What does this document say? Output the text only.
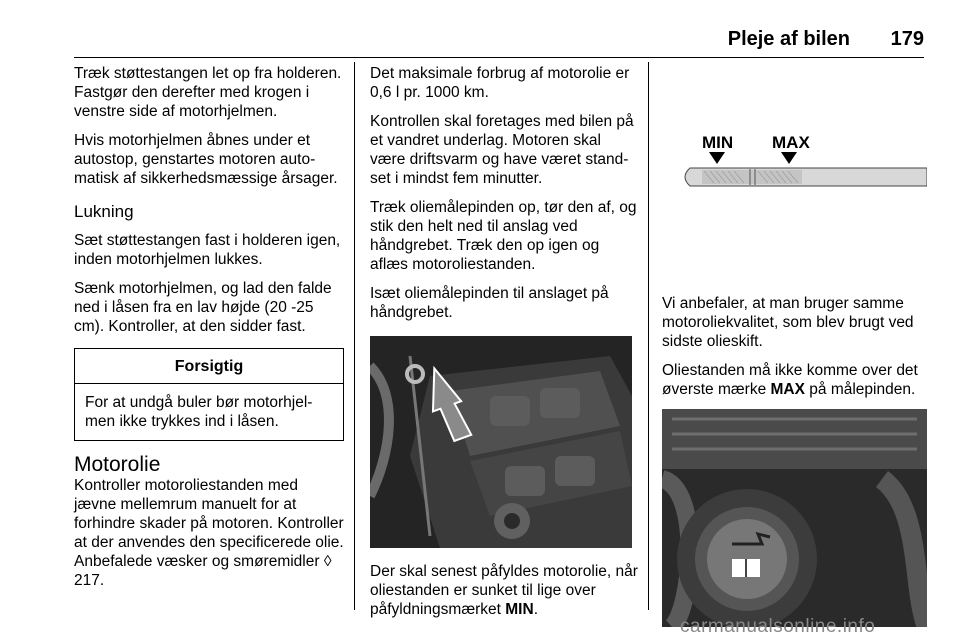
Pleje af bilen 179

Træk støttestangen let op fra holderen. Fastgør den derefter med krogen i venstre side af motorhjelmen.

Hvis motorhjelmen åbnes under et autostop, genstartes motoren automatisk af sikkerhedsmæssige årsager.

Lukning

Sæt støttestangen fast i holderen igen, inden motorhjelmen lukkes.

Sænk motorhjelmen, og lad den falde ned i låsen fra en lav højde (20 -25 cm). Kontroller, at den sidder fast.

Forsigtig
For at undgå buler bør motorhjelmen ikke trykkes ind i låsen.
Motorolie

Kontroller motoroliestanden med jævne mellemrum manuelt for at forhindre skader på motoren. Kontroller at der anvendes den specificerede olie. Anbefalede væsker og smøremidler ◊ 217.

Det maksimale forbrug af motorolie er 0,6 l pr. 1000 km.

Kontrollen skal foretages med bilen på et vandret underlag. Motoren skal være driftsvarm og have været standset i mindst fem minutter.

Træk oliemålepinden op, tør den af, og stik den helt ned til anslag ved håndgrebet. Træk den op igen og aflæs motoroliestanden.

Isæt oliemålepinden til anslaget på håndgrebet.

Der skal senest påfyldes motorolie, når oliestanden er sunket til lige over påfyldningsmærket MIN.

MIN MAX

Vi anbefaler, at man bruger samme motoroliekvalitet, som blev brugt ved sidste olieskift.

Oliestanden må ikke komme over det øverste mærke MAX på målepinden.

carmanualsonline.info
